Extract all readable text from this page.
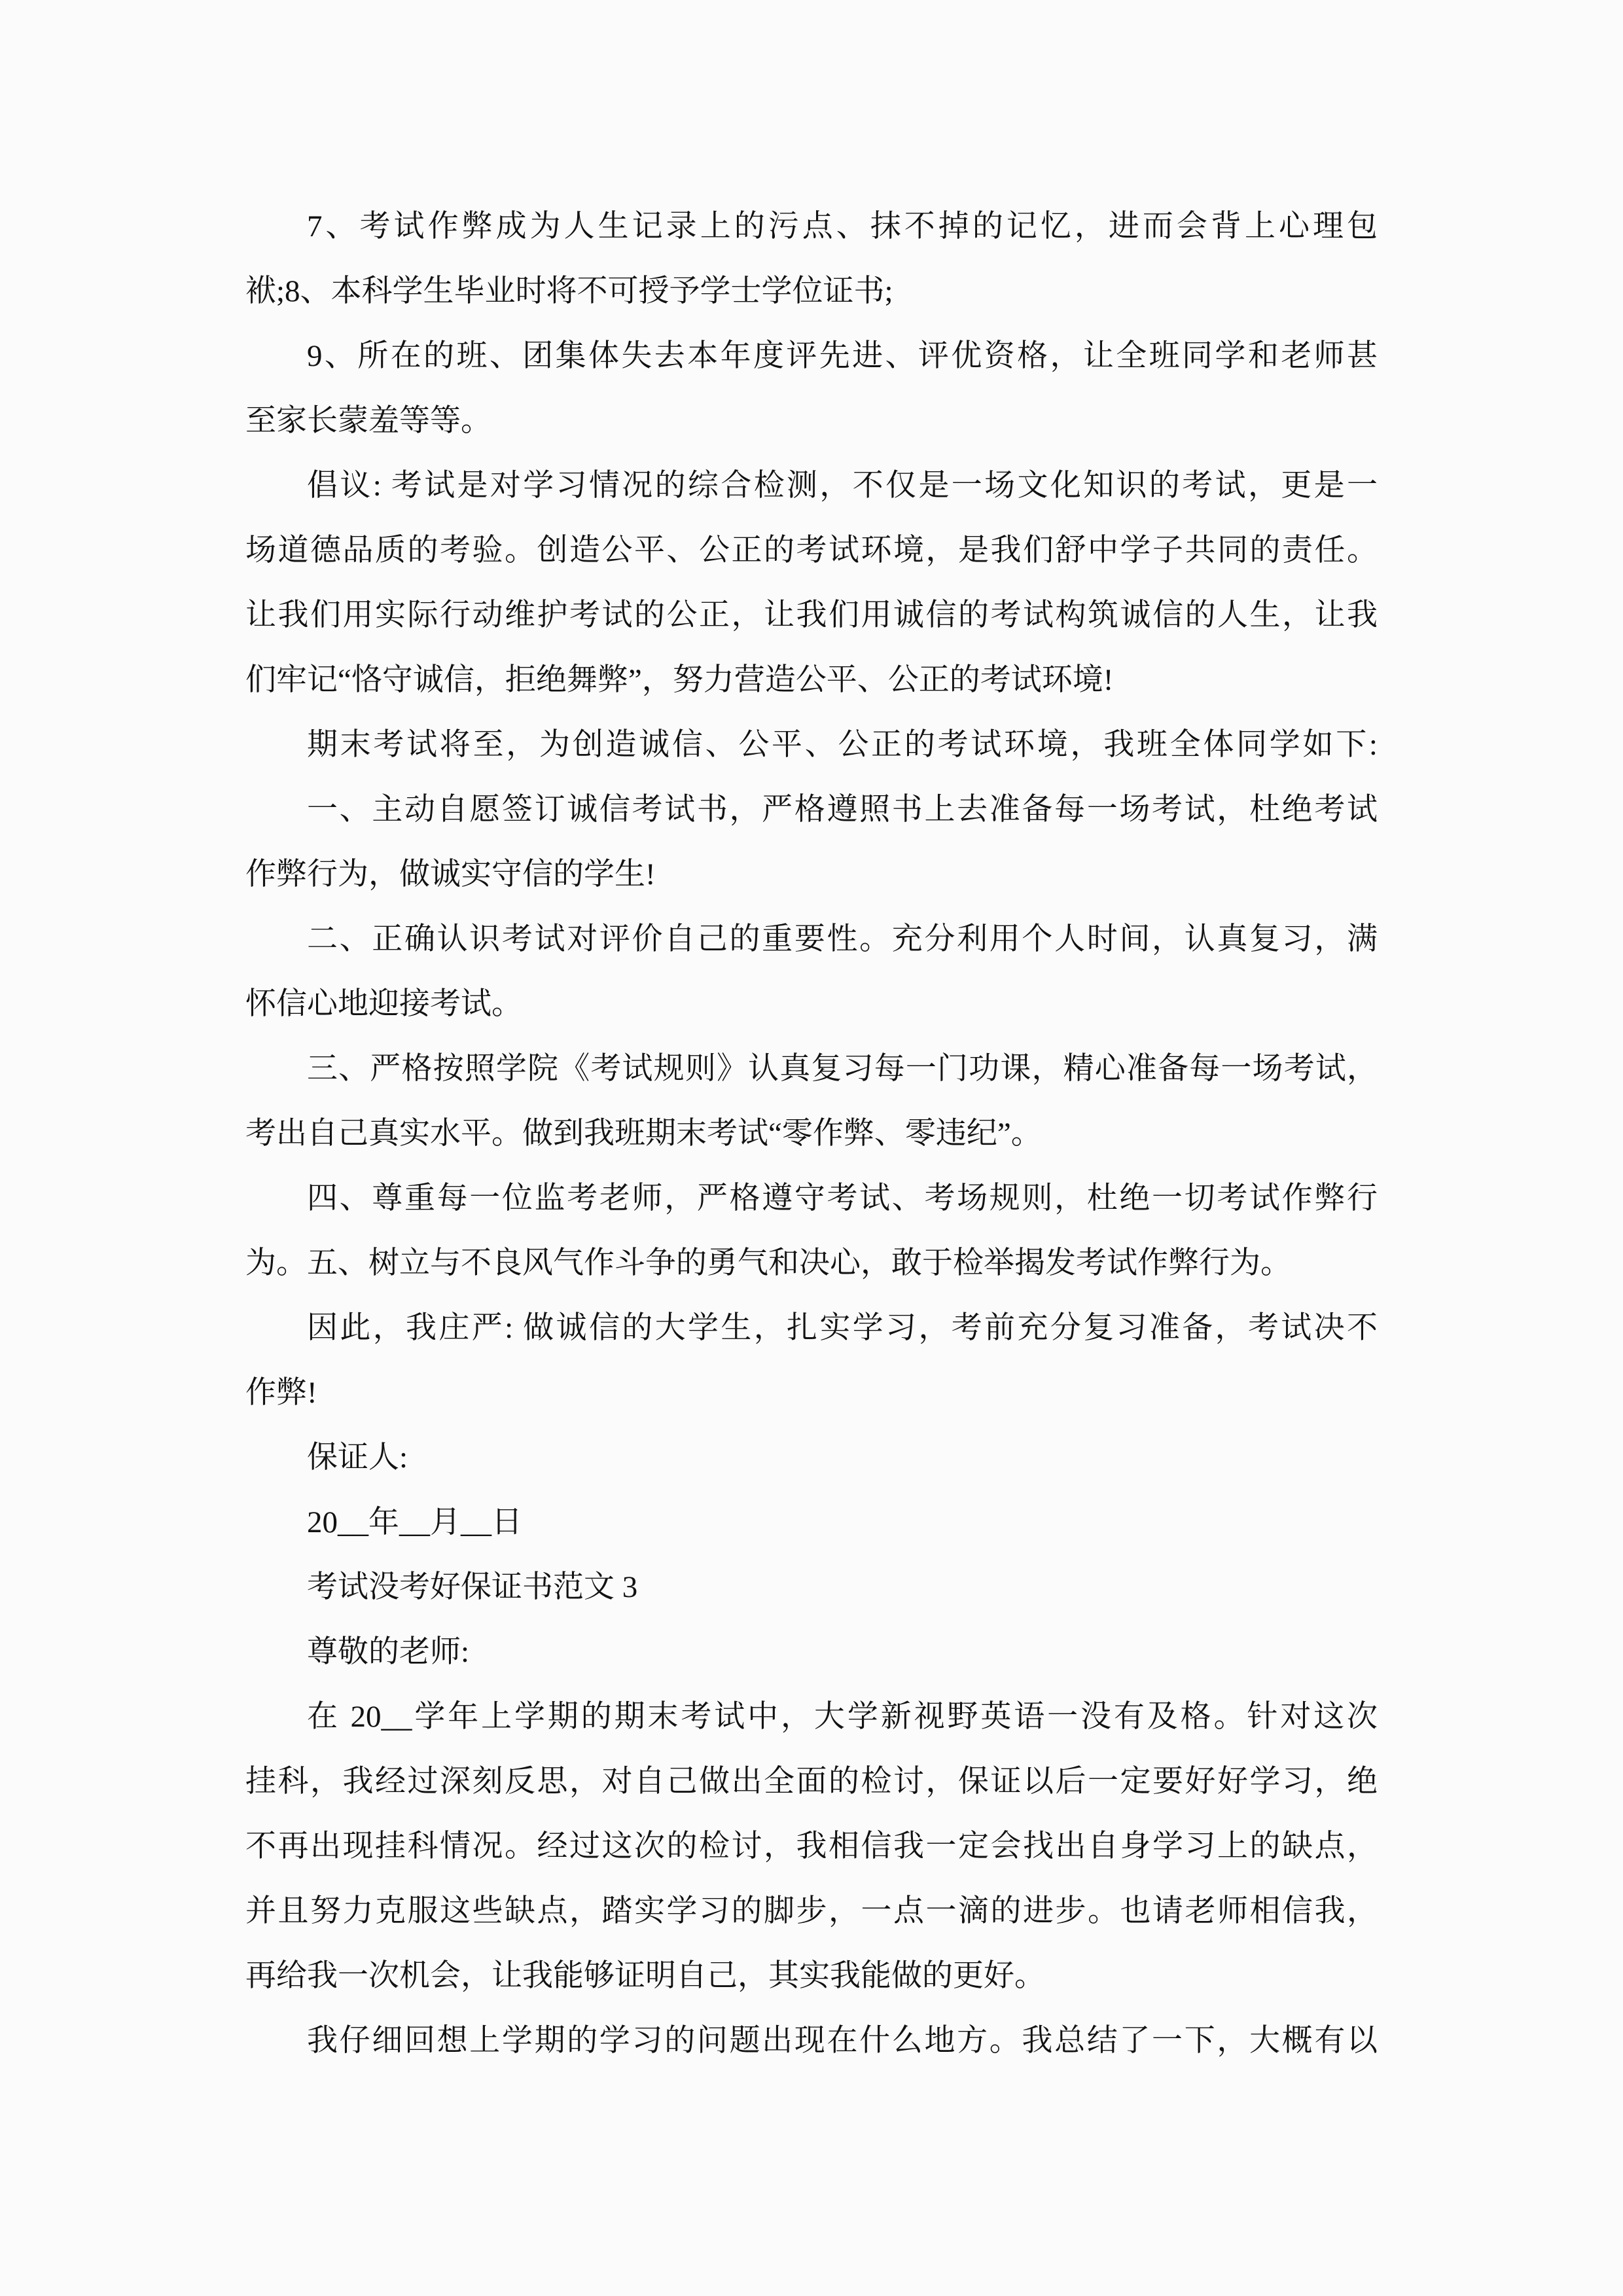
7、考试作弊成为人生记录上的污点、抹不掉的记忆，进而会背上心理包
袱;8、本科学生毕业时将不可授予学士学位证书;
9、所在的班、团集体失去本年度评先进、评优资格，让全班同学和老师甚
至家长蒙羞等等。
倡议: 考试是对学习情况的综合检测，不仅是一场文化知识的考试，更是一
场道德品质的考验。创造公平、公正的考试环境，是我们舒中学子共同的责任。
让我们用实际行动维护考试的公正，让我们用诚信的考试构筑诚信的人生，让我
们牢记“恪守诚信，拒绝舞弊”，努力营造公平、公正的考试环境!
期末考试将至，为创造诚信、公平、公正的考试环境，我班全体同学如下:
一、主动自愿签订诚信考试书，严格遵照书上去准备每一场考试，杜绝考试
作弊行为，做诚实守信的学生!
二、正确认识考试对评价自己的重要性。充分利用个人时间，认真复习，满
怀信心地迎接考试。
三、严格按照学院《考试规则》认真复习每一门功课，精心准备每一场考试，
考出自己真实水平。做到我班期末考试“零作弊、零违纪”。
四、尊重每一位监考老师，严格遵守考试、考场规则，杜绝一切考试作弊行
为。五、树立与不良风气作斗争的勇气和决心，敢于检举揭发考试作弊行为。
因此，我庄严: 做诚信的大学生，扎实学习，考前充分复习准备，考试决不
作弊!
保证人:
20__年__月__日
考试没考好保证书范文 3
尊敬的老师:
在 20__学年上学期的期末考试中，大学新视野英语一没有及格。针对这次
挂科，我经过深刻反思，对自己做出全面的检讨，保证以后一定要好好学习，绝
不再出现挂科情况。经过这次的检讨，我相信我一定会找出自身学习上的缺点，
并且努力克服这些缺点，踏实学习的脚步，一点一滴的进步。也请老师相信我，
再给我一次机会，让我能够证明自己，其实我能做的更好。
我仔细回想上学期的学习的问题出现在什么地方。我总结了一下，大概有以
